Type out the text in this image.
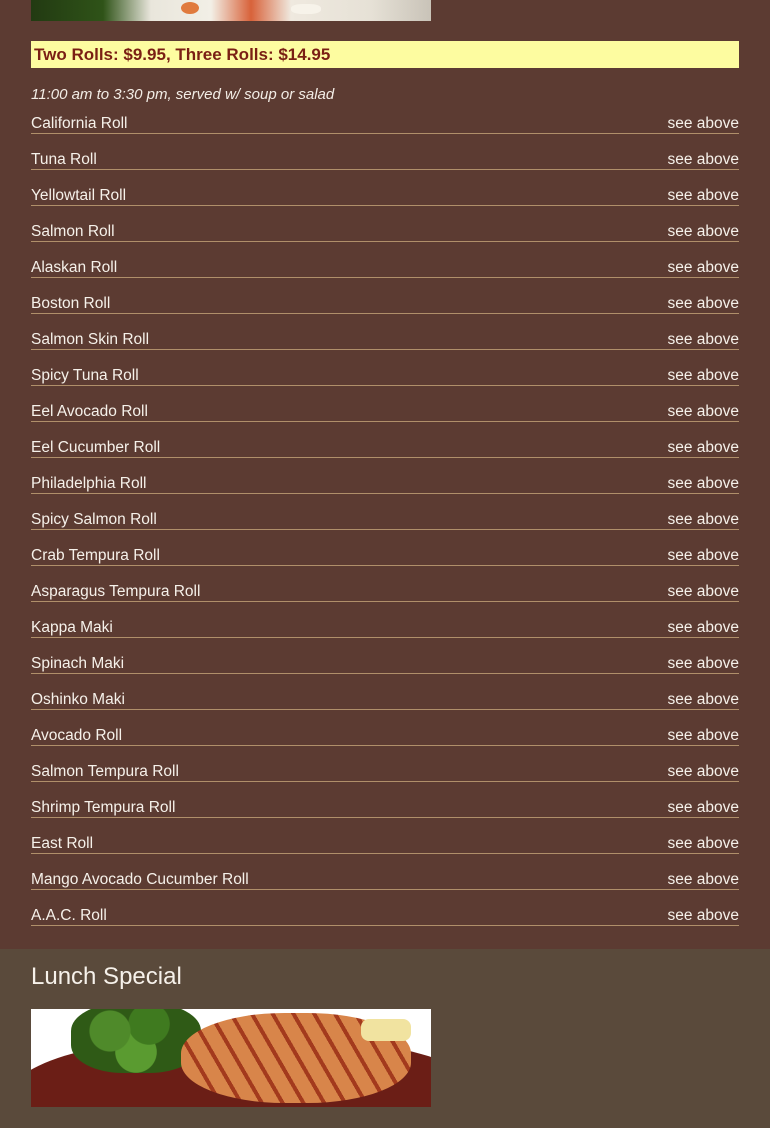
Two Rolls: $9.95, Three Rolls: $14.95
11:00 am to 3:30 pm, served w/ soup or salad
California Roll	see above
Tuna Roll	see above
Yellowtail Roll	see above
Salmon Roll	see above
Alaskan Roll	see above
Boston Roll	see above
Salmon Skin Roll	see above
Spicy Tuna Roll	see above
Eel Avocado Roll	see above
Eel Cucumber Roll	see above
Philadelphia Roll	see above
Spicy Salmon Roll	see above
Crab Tempura Roll	see above
Asparagus Tempura Roll	see above
Kappa Maki	see above
Spinach Maki	see above
Oshinko Maki	see above
Avocado Roll	see above
Salmon Tempura Roll	see above
Shrimp Tempura Roll	see above
East Roll	see above
Mango Avocado Cucumber Roll	see above
A.A.C. Roll	see above
Lunch Special
